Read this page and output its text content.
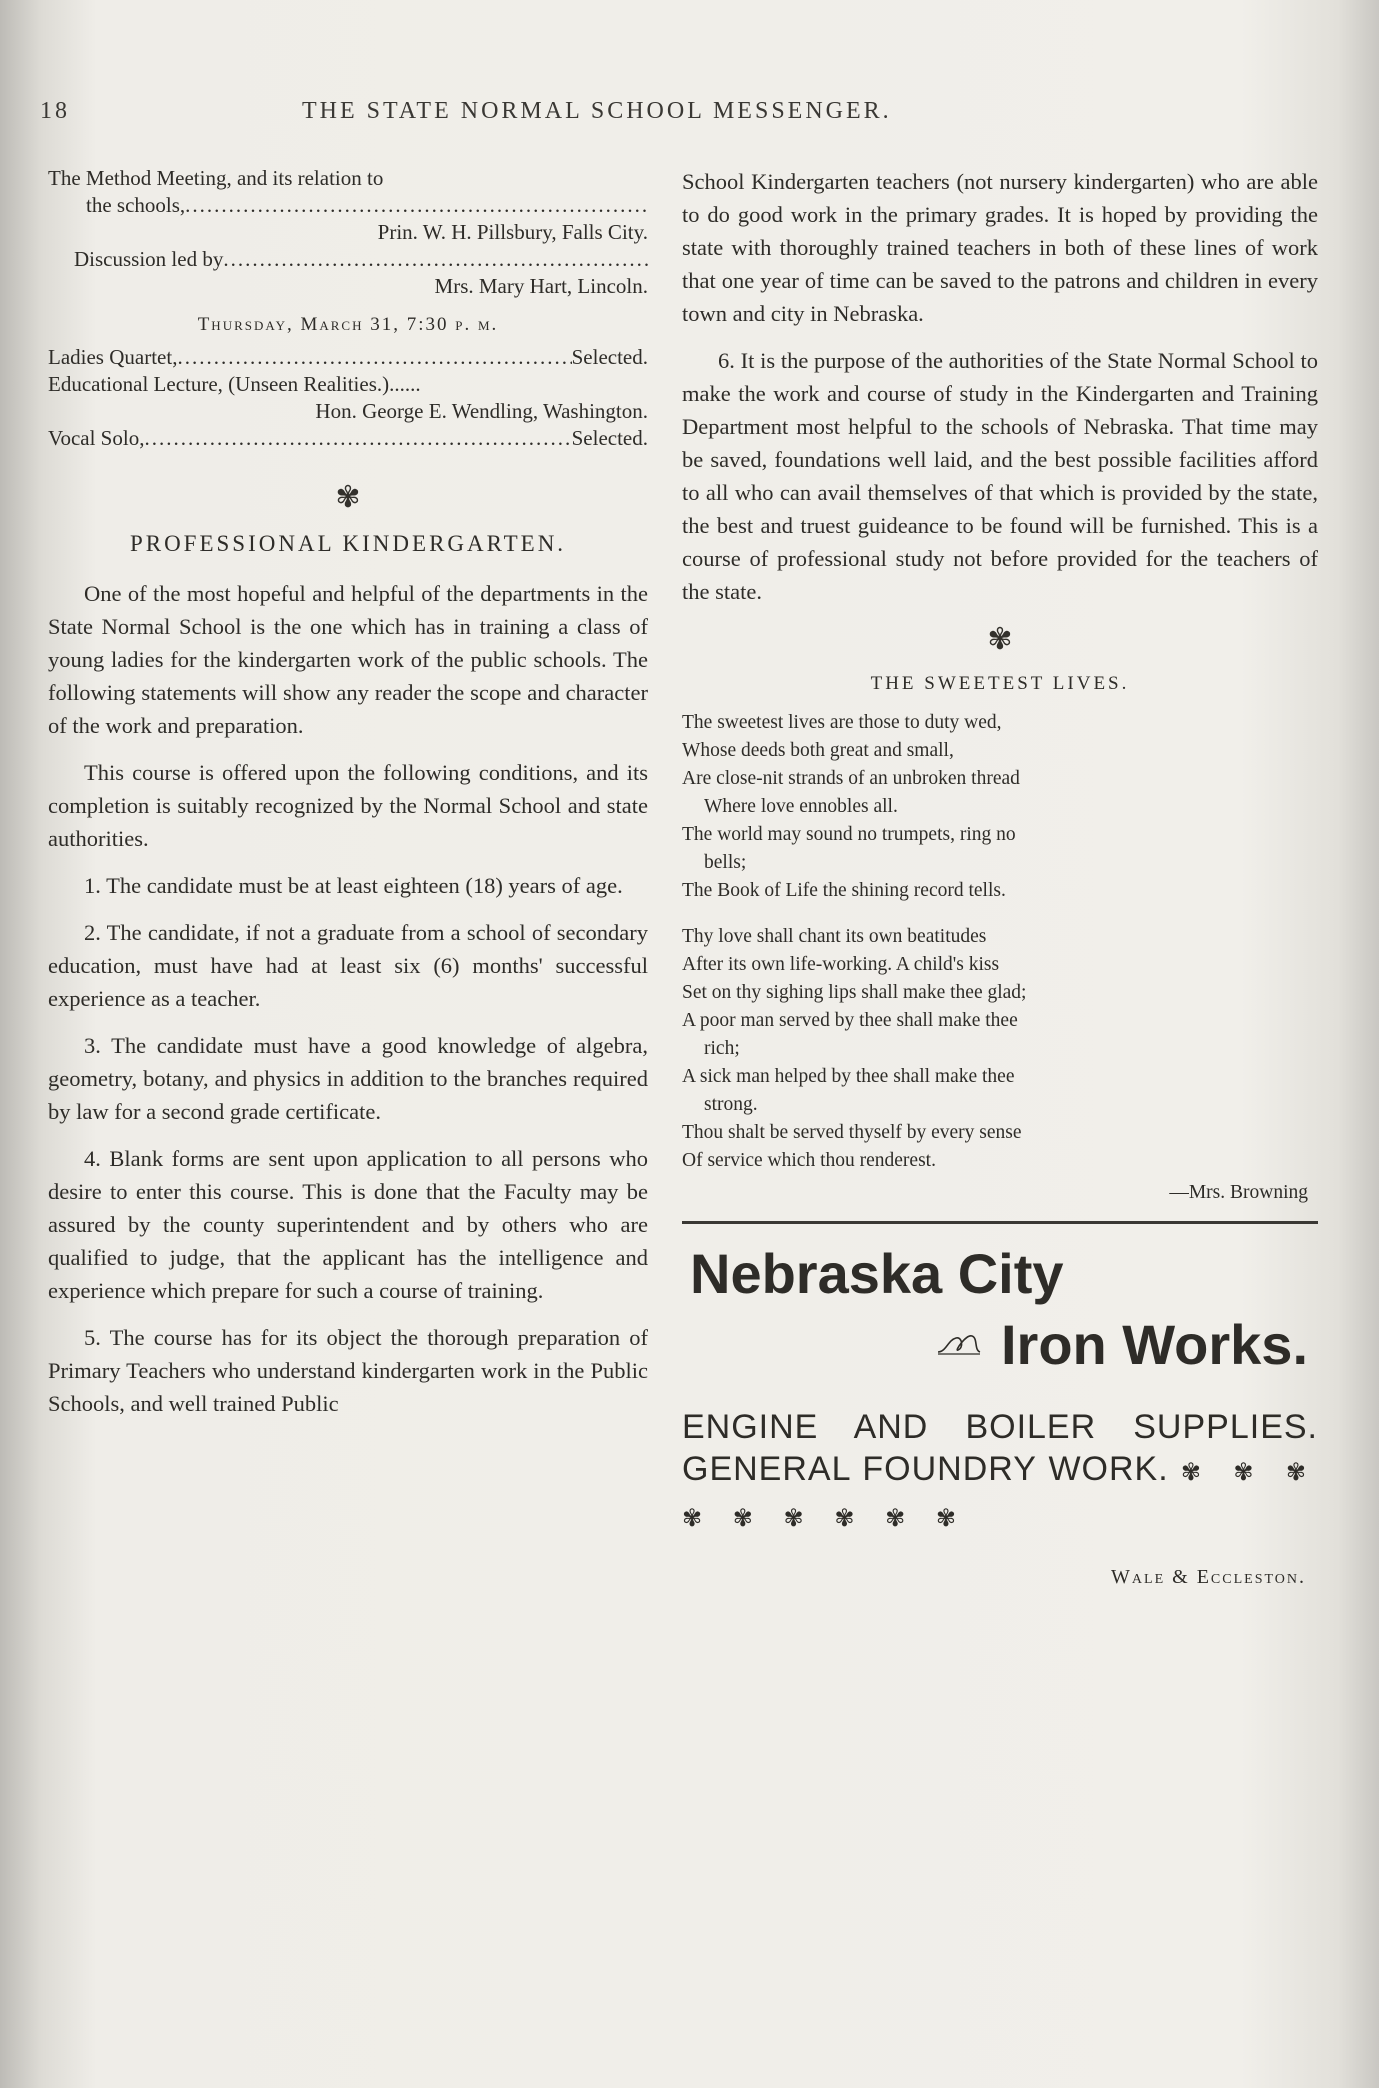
18	THE STATE NORMAL SCHOOL MESSENGER.

The Method Meeting, and its relation to

the schools,
.....

Prin. W. H. Pillsbury, Falls City.

Discussion led by
.....

Mrs. Mary Hart, Lincoln.

Thursday, March 31, 7:30 p. m.

Ladies Quartet, .....	Selected.

Educational Lecture, (Unseen Realities.)......

Hon. George E. Wendling, Washington.

Vocal Solo, .....	Selected.
✾
PROFESSIONAL KINDERGARTEN.

One of the most hopeful and helpful of the departments in the State Normal School is the one which has in training a class of young ladies for the kindergarten work of the public schools. The following statements will show any reader the scope and character of the work and preparation.

This course is offered upon the following conditions, and its completion is suitably recognized by the Normal School and state authorities.

1. The candidate must be at least eighteen (18) years of age.

2. The candidate, if not a graduate from a school of secondary education, must have had at least six (6) months' successful experience as a teacher.

3. The candidate must have a good knowledge of algebra, geometry, botany, and physics in addition to the branches required by law for a second grade certificate.

4. Blank forms are sent upon application to all persons who desire to enter this course. This is done that the Faculty may be assured by the county superintendent and by others who are qualified to judge, that the applicant has the intelligence and experience which prepare for such a course of training.

5. The course has for its object the thorough preparation of Primary Teachers who understand kindergarten work in the Public Schools, and well trained Public

School Kindergarten teachers (not nursery kindergarten) who are able to do good work in the primary grades. It is hoped by providing the state with thoroughly trained teachers in both of these lines of work that one year of time can be saved to the patrons and children in every town and city in Nebraska.

6. It is the purpose of the authorities of the State Normal School to make the work and course of study in the Kindergarten and Training Department most helpful to the schools of Nebraska. That time may be saved, foundations well laid, and the best possible facilities afford to all who can avail themselves of that which is provided by the state, the best and truest guideance to be found will be furnished. This is a course of professional study not before provided for the teachers of the state.

✾
THE SWEETEST LIVES.
The sweetest lives are those to duty wed,
Whose deeds both great and small,
Are close-nit strands of an unbroken thread
Where love ennobles all.
The world may sound no trumpets, ring no
bells;
The Book of Life the shining record tells.
Thy love shall chant its own beatitudes
After its own life-working. A child's kiss
Set on thy sighing lips shall make thee glad;
A poor man served by thee shall make thee
rich;
A sick man helped by thee shall make thee
strong.
Thou shalt be served thyself by every sense
Of service which thou renderest.
—Mrs. Browning

Nebraska City

Iron Works.

ENGINE AND BOILER SUPPLIES. GENERAL FOUNDRY WORK. ✾ ✾ ✾ ✾ ✾ ✾ ✾ ✾ ✾

Wale & Eccleston.
